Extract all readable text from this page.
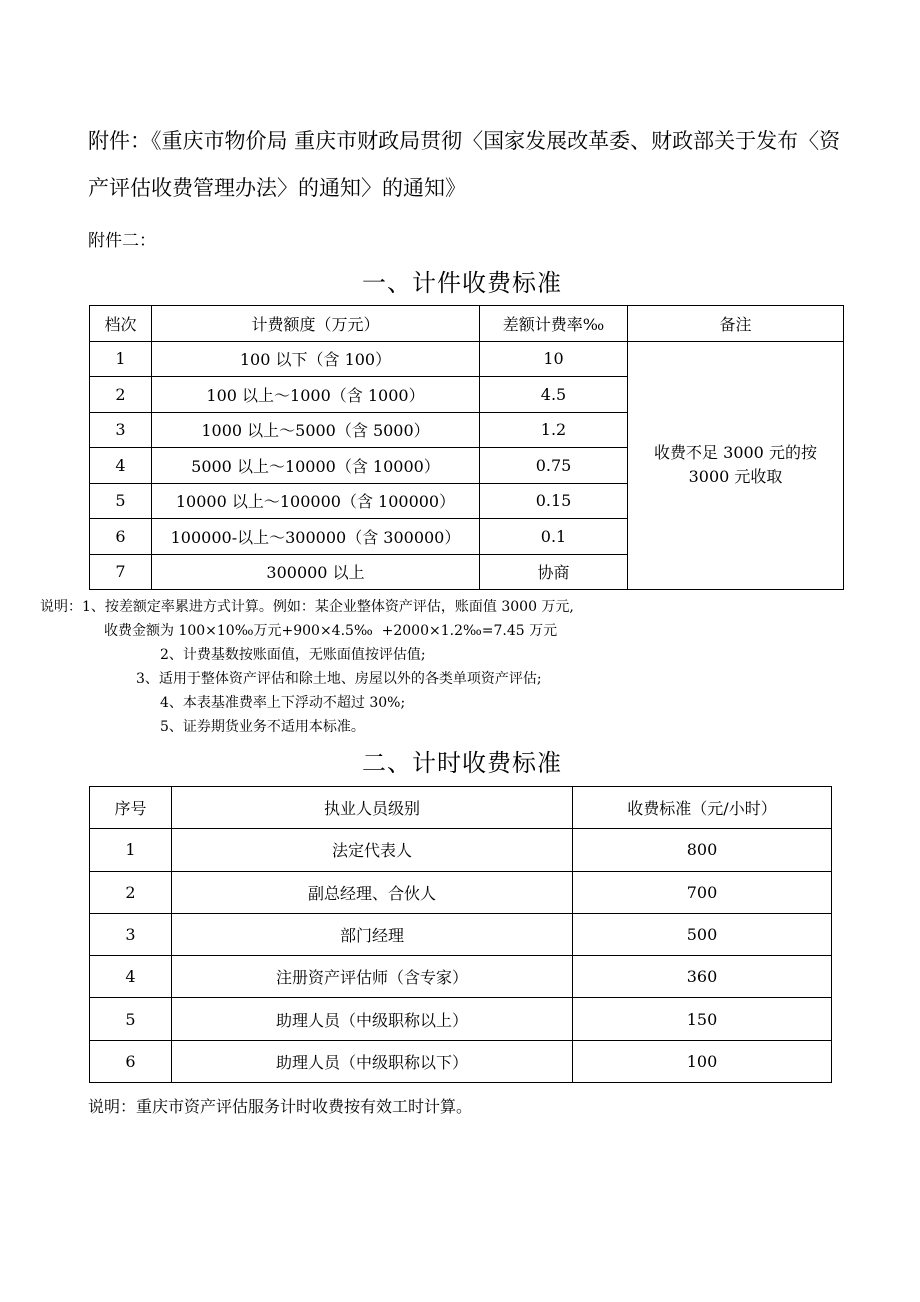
附件：《重庆市物价局 重庆市财政局贯彻〈国家发展改革委、财政部关于发布〈资产评估收费管理办法〉的通知〉的通知》
附件二：
一、计件收费标准
档次	计费额度（万元）	差额计费率‰	备注
1	100 以下（含 100）	10	收费不足 3000 元的按
3000 元收取
2	100 以上～1000（含 1000）	4.5	
3	1000 以上～5000（含 5000）	1.2	
4	5000 以上～10000（含 10000）	0.75	
5	10000 以上～100000（含 100000）	0.15	
6	100000-以上～300000（含 300000）	0.1	
7	300000 以上	协商	
说明：1、按差额定率累进方式计算。例如：某企业整体资产评估，账面值 3000 万元,
收费金额为 100×10‰万元+900×4.5‰  +2000×1.2‰=7.45 万元
2、计费基数按账面值，无账面值按评估值;
3、适用于整体资产评估和除土地、房屋以外的各类单项资产评估;
4、本表基准费率上下浮动不超过 30%;
5、证券期货业务不适用本标准。
二、计时收费标准
序号	执业人员级别	收费标准（元/小时）
1	法定代表人	800
2	副总经理、合伙人	700
3	部门经理	500
4	注册资产评估师（含专家）	360
5	助理人员（中级职称以上）	150
6	助理人员（中级职称以下）	100
说明：重庆市资产评估服务计时收费按有效工时计算。
